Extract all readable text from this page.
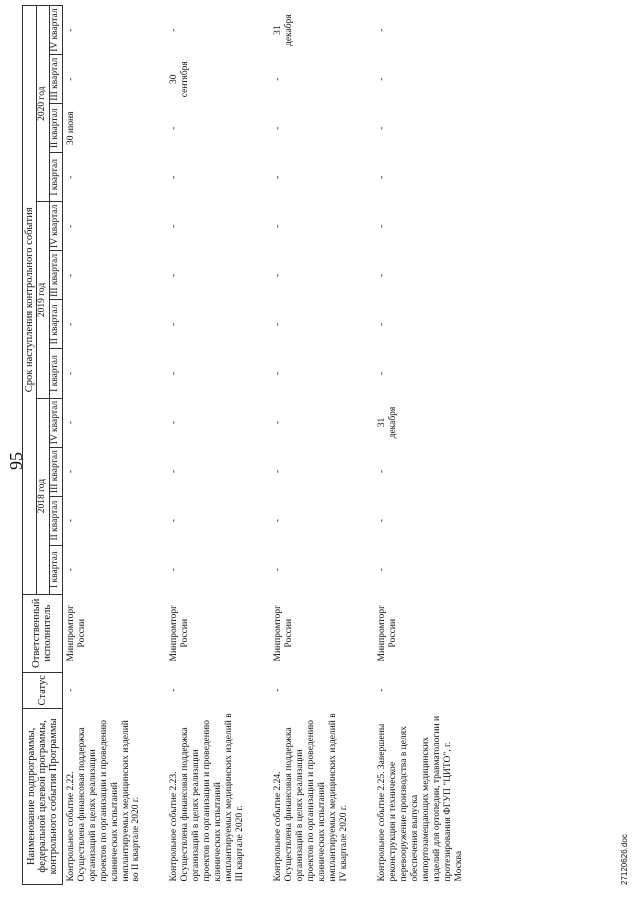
95
Наименование подпрограммы, федеральной целевой программы, контрольного события Программы	Статус	Ответственный исполнитель	Срок наступления контрольного события											
			2018 год				2019 год				2020 год			
			I квартал	II квартал	III квартал	IV квартал	I квартал	II квартал	III квартал	IV квартал	I квартал	II квартал	III квартал	IV квартал
Контрольное событие 2.22. Осуществлена финансовая поддержка организаций в целях реализации проектов по организации и проведению клинических испытаний имплантируемых медицинских изделий во II квартале 2020 г.	-	Минпромторг России	-	-	-	-	-	-	-	-	-	30 июня	-	-
Контрольное событие 2.23. Осуществлена финансовая поддержка организаций в целях реализации проектов по организации и проведению клинических испытаний имплантируемых медицинских изделий в III квартале 2020 г.	-	Минпромторг России	-	-	-	-	-	-	-	-	-	-	30 сентября	-
Контрольное событие 2.24. Осуществлена финансовая поддержка организаций в целях реализации проектов по организации и проведению клинических испытаний имплантируемых медицинских изделий в IV квартале 2020 г.	-	Минпромторг России	-	-	-	-	-	-	-	-	-	-	-	31 декабря
Контрольное событие 2.25. Завершены реконструкция и техническое перевооружение производства в целях обеспечения выпуска импортозамещающих медицинских изделий для ортопедии, травматологии и протезирования ФГУП "ЦИТО", г. Москва	-	Минпромторг России	-	-	-	31 декабря	-	-	-	-	-	-	-	-
2712062б.doc
